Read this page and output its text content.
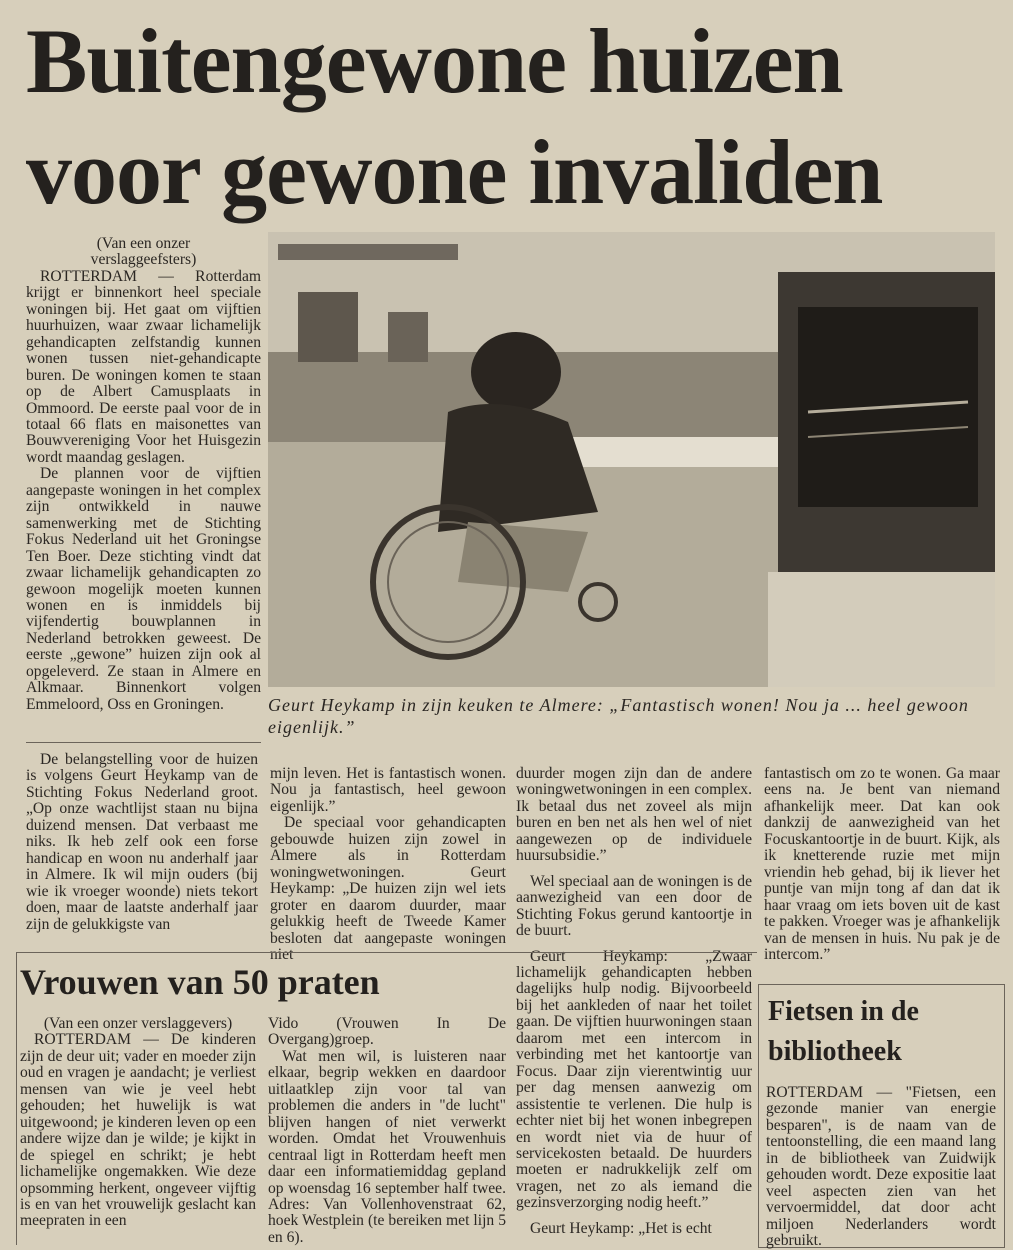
Buitengewone huizen
voor gewone invaliden

(Van een onzer

verslaggeefsters)

ROTTERDAM — Rotterdam krijgt er binnenkort heel speciale woningen bij. Het gaat om vijftien huurhuizen, waar zwaar lichamelijk gehandicapten zelfstandig kunnen wonen tussen niet-gehandicapte buren. De woningen komen te staan op de Albert Camusplaats in Ommoord. De eerste paal voor de in totaal 66 flats en maisonettes van Bouwvereniging Voor het Huisgezin wordt maandag geslagen.

De plannen voor de vijftien aangepaste woningen in het complex zijn ontwikkeld in nauwe samenwerking met de Stichting Fokus Nederland uit het Groningse Ten Boer. Deze stichting vindt dat zwaar lichamelijk gehandicapten zo gewoon mogelijk moeten kunnen wonen en is inmiddels bij vijfendertig bouwplannen in Nederland betrokken geweest. De eerste „gewone” huizen zijn ook al opgeleverd. Ze staan in Almere en Alkmaar. Binnenkort volgen Emmeloord, Oss en Groningen.	Geurt Heykamp in zijn keuken te Almere: „Fantastisch wonen! Nou ja ... heel gewoon eigenlijk.”

De belangstelling voor de huizen is volgens Geurt Heykamp van de Stichting Fokus Nederland groot. „Op onze wachtlijst staan nu bijna duizend mensen. Dat verbaast me niks. Ik heb zelf ook een forse handicap en woon nu anderhalf jaar in Almere. Ik wil mijn ouders (bij wie ik vroeger woonde) niets tekort doen, maar de laatste anderhalf jaar zijn de gelukkigste van

mijn leven. Het is fantastisch wonen. Nou ja fantastisch, heel gewoon eigenlijk.”

De speciaal voor gehandicapten gebouwde huizen zijn zowel in Almere als in Rotterdam woningwetwoningen. Geurt Heykamp: „De huizen zijn wel iets groter en daarom duurder, maar gelukkig heeft de Tweede Kamer besloten dat aangepaste woningen niet

duurder mogen zijn dan de andere woningwetwoningen in een complex. Ik betaal dus net zoveel als mijn buren en ben net als hen wel of niet aangewezen op de individuele huursubsidie.”

Wel speciaal aan de woningen is de aanwezigheid van een door de Stichting Fokus gerund kantoortje in de buurt.

Geurt Heykamp: „Zwaar lichamelijk gehandicapten hebben dagelijks hulp nodig. Bijvoorbeeld bij het aankleden of naar het toilet gaan. De vijftien huurwoningen staan daarom met een intercom in verbinding met het kantoortje van Focus. Daar zijn vierentwintig uur per dag mensen aanwezig om assistentie te verlenen. Die hulp is echter niet bij het wonen inbegrepen en wordt niet via de huur of servicekosten betaald. De huurders moeten er nadrukkelijk zelf om vragen, net zo als iemand die gezinsverzorging nodig heeft.”

Geurt Heykamp: „Het is echt

fantastisch om zo te wonen. Ga maar eens na. Je bent van niemand afhankelijk meer. Dat kan ook dankzij de aanwezigheid van het Focuskantoortje in de buurt. Kijk, als ik knetterende ruzie met mijn vriendin heb gehad, bij ik liever het puntje van mijn tong af dan dat ik haar vraag om iets boven uit de kast te pakken. Vroeger was je afhankelijk van de mensen in huis. Nu pak je de intercom.”

Vrouwen van 50 praten

(Van een onzer verslaggevers)

ROTTERDAM — De kinderen zijn de deur uit; vader en moeder zijn oud en vragen je aandacht; je verliest mensen van wie je veel hebt gehouden; het huwelijk is wat uitgewoond; je kinderen leven op een andere wijze dan je wilde; je kijkt in de spiegel en schrikt; je hebt lichamelijke ongemakken. Wie deze opsomming herkent, ongeveer vijftig is en van het vrouwelijk geslacht kan meepraten in een

Vido (Vrouwen In De Overgang)groep.

Wat men wil, is luisteren naar elkaar, begrip wekken en daardoor uitlaatklep zijn voor tal van problemen die anders in "de lucht" blijven hangen of niet verwerkt worden. Omdat het Vrouwenhuis centraal ligt in Rotterdam heeft men daar een informatiemiddag gepland op woensdag 16 september half twee. Adres: Van Vollenhovenstraat 62, hoek Westplein (te bereiken met lijn 5 en 6).

Fietsen in de
bibliotheek

ROTTERDAM — "Fietsen, een gezonde manier van energie besparen", is de naam van de tentoonstelling, die een maand lang in de bibliotheek van Zuidwijk gehouden wordt. Deze expositie laat veel aspecten zien van het vervoermiddel, dat door acht miljoen Nederlanders wordt gebruikt.
